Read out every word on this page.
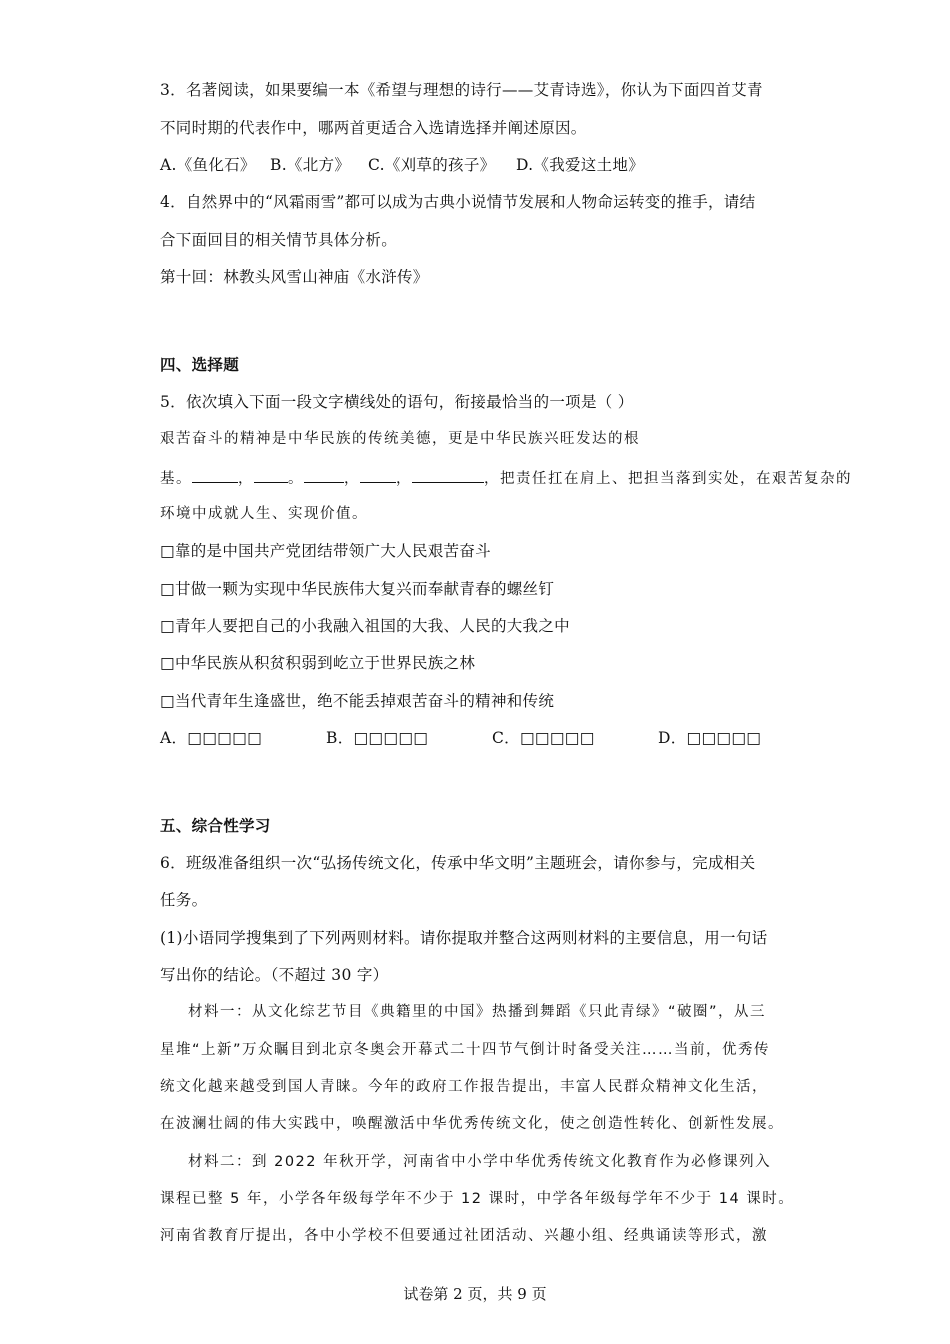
3．名著阅读，如果要编一本《希望与理想的诗行——艾青诗选》，你认为下面四首艾青
不同时期的代表作中，哪两首更适合入选请选择并阐述原因。
A.《鱼化石》 B.《北方》 C.《刈草的孩子》 D.《我爱这土地》
4．自然界中的“风霜雨雪”都可以成为古典小说情节发展和人物命运转变的推手，请结
合下面回目的相关情节具体分析。
第十回：林教头风雪山神庙《水浒传》
四、选择题
5．依次填入下面一段文字横线处的语句，衔接最恰当的一项是（ ）
艰苦奋斗的精神是中华民族的传统美德，更是中华民族兴旺发达的根
基。	， 。	， ，	，把责任扛在肩上、把担当落到实处，在艰苦复杂的
环境中成就人生、实现价值。
□靠的是中国共产党团结带领广大人民艰苦奋斗
□甘做一颗为实现中华民族伟大复兴而奉献青春的螺丝钉
□青年人要把自己的小我融入祖国的大我、人民的大我之中
□中华民族从积贫积弱到屹立于世界民族之林
□当代青年生逢盛世，绝不能丢掉艰苦奋斗的精神和传统
A．□□□□□	B．□□□□□	C．□□□□□	D．□□□□□
五、综合性学习
6．班级准备组织一次“弘扬传统文化，传承中华文明”主题班会，请你参与，完成相关
任务。
(1)小语同学搜集到了下列两则材料。请你提取并整合这两则材料的主要信息，用一句话
写出你的结论。（不超过 30 字）
材料一：从文化综艺节目《典籍里的中国》热播到舞蹈《只此青绿》“破圈”，从三
星堆“上新”万众瞩目到北京冬奥会开幕式二十四节气倒计时备受关注……当前，优秀传
统文化越来越受到国人青睐。今年的政府工作报告提出，丰富人民群众精神文化生活，
在波澜壮阔的伟大实践中，唤醒激活中华优秀传统文化，使之创造性转化、创新性发展。
材料二：到 2022 年秋开学，河南省中小学中华优秀传统文化教育作为必修课列入
课程已整 5 年，小学各年级每学年不少于 12 课时，中学各年级每学年不少于 14 课时。
河南省教育厅提出，各中小学校不但要通过社团活动、兴趣小组、经典诵读等形式，激
试卷第 2 页，共 9 页
